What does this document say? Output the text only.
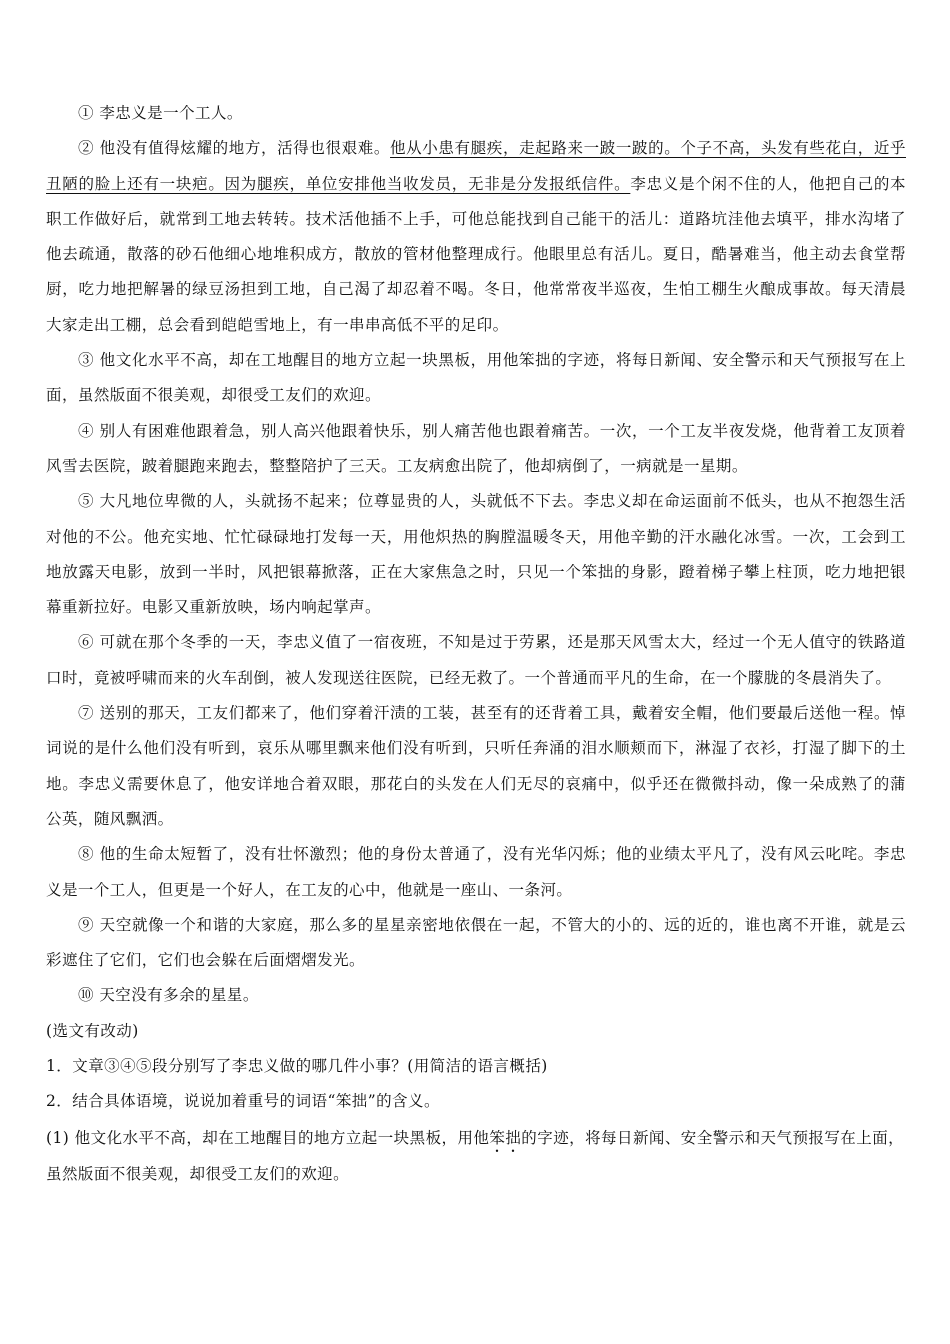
① 李忠义是一个工人。

② 他没有值得炫耀的地方，活得也很艰难。他从小患有腿疾，走起路来一跛一跛的。个子不高，头发有些花白，近乎丑陋的脸上还有一块疤。因为腿疾，单位安排他当收发员，无非是分发报纸信件。李忠义是个闲不住的人，他把自己的本职工作做好后，就常到工地去转转。技术活他插不上手，可他总能找到自己能干的活儿：道路坑洼他去填平，排水沟堵了他去疏通，散落的砂石他细心地堆积成方，散放的管材他整理成行。他眼里总有活儿。夏日，酷暑难当，他主动去食堂帮厨，吃力地把解暑的绿豆汤担到工地，自己渴了却忍着不喝。冬日，他常常夜半巡夜，生怕工棚生火酿成事故。每天清晨大家走出工棚，总会看到皑皑雪地上，有一串串高低不平的足印。

③ 他文化水平不高，却在工地醒目的地方立起一块黑板，用他笨拙的字迹，将每日新闻、安全警示和天气预报写在上面，虽然版面不很美观，却很受工友们的欢迎。

④ 别人有困难他跟着急，别人高兴他跟着快乐，别人痛苦他也跟着痛苦。一次，一个工友半夜发烧，他背着工友顶着风雪去医院，跛着腿跑来跑去，整整陪护了三天。工友病愈出院了，他却病倒了，一病就是一星期。

⑤ 大凡地位卑微的人，头就扬不起来；位尊显贵的人，头就低不下去。李忠义却在命运面前不低头，也从不抱怨生活对他的不公。他充实地、忙忙碌碌地打发每一天，用他炽热的胸膛温暖冬天，用他辛勤的汗水融化冰雪。一次，工会到工地放露天电影，放到一半时，风把银幕掀落，正在大家焦急之时，只见一个笨拙的身影，蹬着梯子攀上柱顶，吃力地把银幕重新拉好。电影又重新放映，场内响起掌声。

⑥ 可就在那个冬季的一天，李忠义值了一宿夜班，不知是过于劳累，还是那天风雪太大，经过一个无人值守的铁路道口时，竟被呼啸而来的火车刮倒，被人发现送往医院，已经无救了。一个普通而平凡的生命，在一个朦胧的冬晨消失了。

⑦ 送别的那天，工友们都来了，他们穿着汗渍的工装，甚至有的还背着工具，戴着安全帽，他们要最后送他一程。悼词说的是什么他们没有听到，哀乐从哪里飘来他们没有听到，只听任奔涌的泪水顺颊而下，淋湿了衣衫，打湿了脚下的土地。李忠义需要休息了，他安详地合着双眼，那花白的头发在人们无尽的哀痛中，似乎还在微微抖动，像一朵成熟了的蒲公英，随风飘洒。

⑧ 他的生命太短暂了，没有壮怀激烈；他的身份太普通了，没有光华闪烁；他的业绩太平凡了，没有风云叱咤。李忠义是一个工人，但更是一个好人，在工友的心中，他就是一座山、一条河。

⑨ 天空就像一个和谐的大家庭，那么多的星星亲密地依偎在一起，不管大的小的、远的近的，谁也离不开谁，就是云彩遮住了它们，它们也会躲在后面熠熠发光。

⑩ 天空没有多余的星星。

(选文有改动)

1．文章③④⑤段分别写了李忠义做的哪几件小事？(用简洁的语言概括)

2．结合具体语境，说说加着重号的词语“笨拙”的含义。

(1) 他文化水平不高，却在工地醒目的地方立起一块黑板，用他笨拙的字迹，将每日新闻、安全警示和天气预报写在上面，虽然版面不很美观，却很受工友们的欢迎。
